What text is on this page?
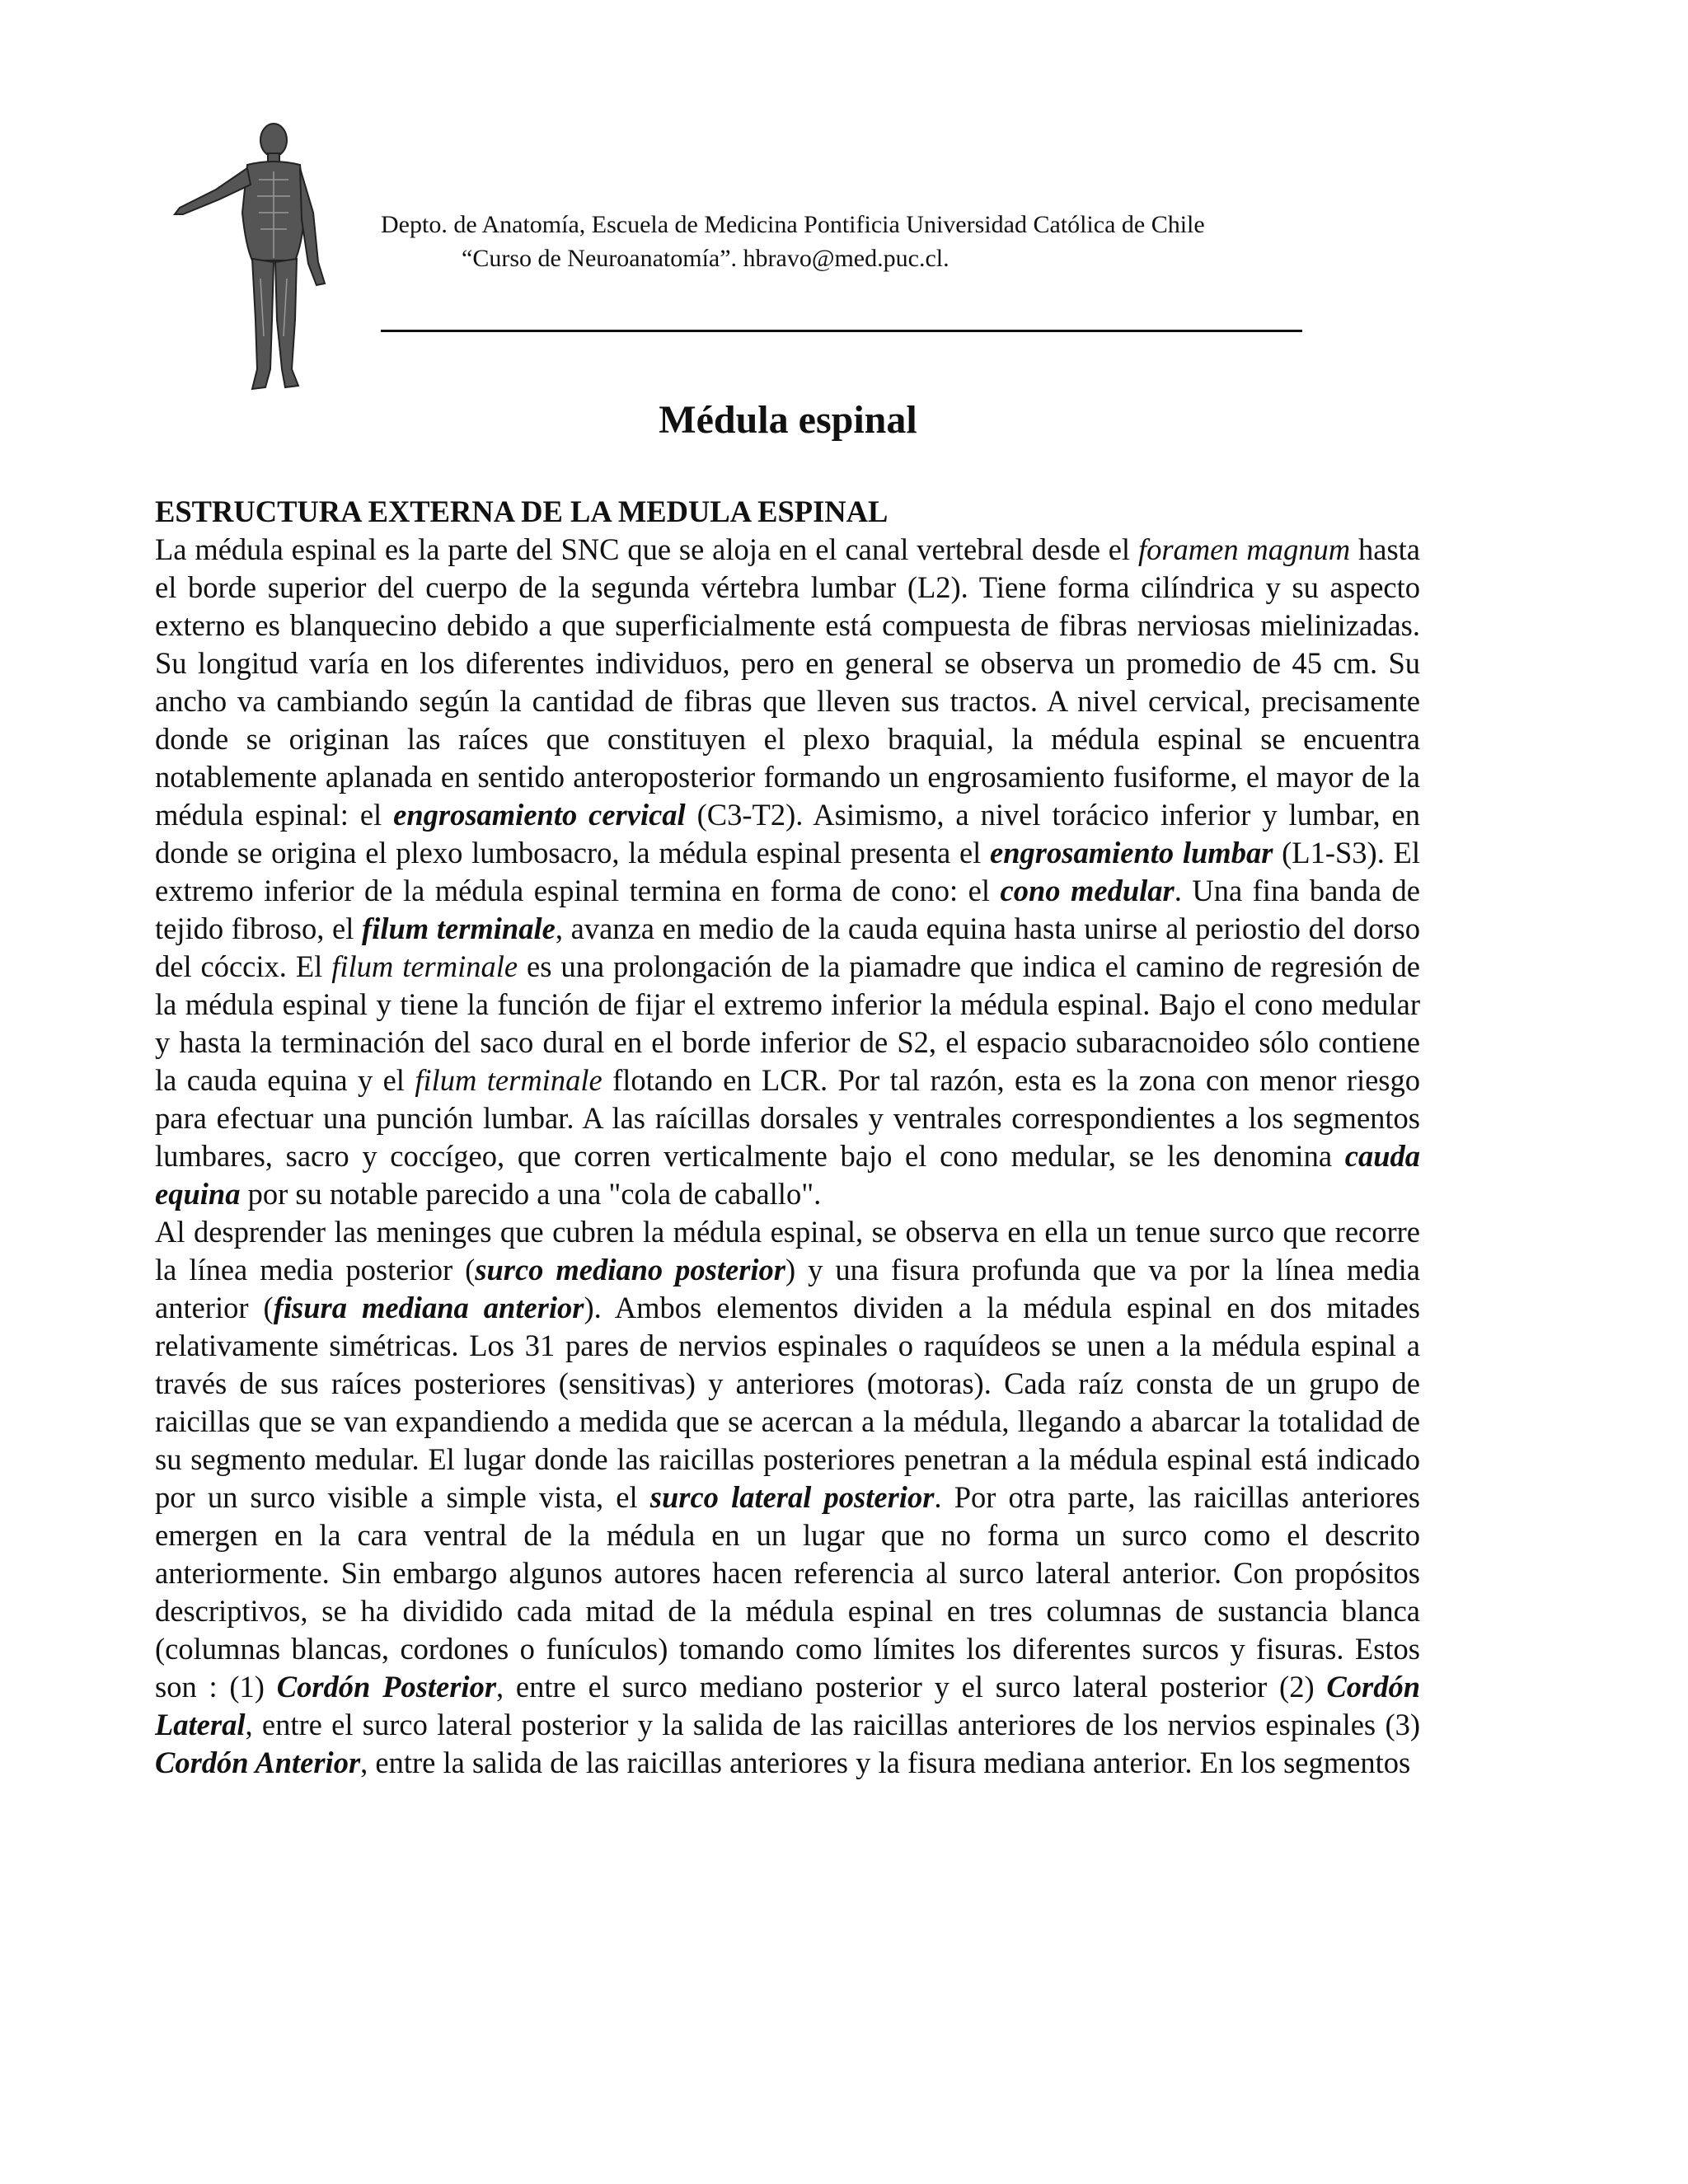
Depto. de Anatomía, Escuela de Medicina Pontificia Universidad Católica de Chile
“Curso de Neuroanatomía”. hbravo@med.puc.cl.
Médula espinal
ESTRUCTURA EXTERNA DE LA MEDULA ESPINAL
La médula espinal es la parte del SNC que se aloja en el canal vertebral desde el foramen magnum hasta el borde superior del cuerpo de la segunda vértebra lumbar (L2). Tiene forma cilíndrica y su aspecto externo es blanquecino debido a que superficialmente está compuesta de fibras nerviosas mielinizadas. Su longitud varía en los diferentes individuos, pero en general se observa un promedio de 45 cm. Su ancho va cambiando según la cantidad de fibras que lleven sus tractos. A nivel cervical, precisamente donde se originan las raíces que constituyen el plexo braquial, la médula espinal se encuentra notablemente aplanada en sentido anteroposterior formando un engrosamiento fusiforme, el mayor de la médula espinal: el engrosamiento cervical (C3-T2). Asimismo, a nivel torácico inferior y lumbar, en donde se origina el plexo lumbosacro, la médula espinal presenta el engrosamiento lumbar (L1-S3). El extremo inferior de la médula espinal termina en forma de cono: el cono medular. Una fina banda de tejido fibroso, el filum terminale, avanza en medio de la cauda equina hasta unirse al periostio del dorso del cóccix. El filum terminale es una prolongación de la piamadre que indica el camino de regresión de la médula espinal y tiene la función de fijar el extremo inferior la médula espinal. Bajo el cono medular y hasta la terminación del saco dural en el borde inferior de S2, el espacio subaracnoideo sólo contiene la cauda equina y el filum terminale flotando en LCR. Por tal razón, esta es la zona con menor riesgo para efectuar una punción lumbar. A las raícillas dorsales y ventrales correspondientes a los segmentos lumbares, sacro y coccígeo, que corren verticalmente bajo el cono medular, se les denomina cauda equina por su notable parecido a una "cola de caballo".
Al desprender las meninges que cubren la médula espinal, se observa en ella un tenue surco que recorre la línea media posterior (surco mediano posterior) y una fisura profunda que va por la línea media anterior (fisura mediana anterior). Ambos elementos dividen a la médula espinal en dos mitades relativamente simétricas. Los 31 pares de nervios espinales o raquídeos se unen a la médula espinal a través de sus raíces posteriores (sensitivas) y anteriores (motoras). Cada raíz consta de un grupo de raicillas que se van expandiendo a medida que se acercan a la médula, llegando a abarcar la totalidad de su segmento medular. El lugar donde las raicillas posteriores penetran a la médula espinal está indicado por un surco visible a simple vista, el surco lateral posterior. Por otra parte, las raicillas anteriores emergen en la cara ventral de la médula en un lugar que no forma un surco como el descrito anteriormente. Sin embargo algunos autores hacen referencia al surco lateral anterior. Con propósitos descriptivos, se ha dividido cada mitad de la médula espinal en tres columnas de sustancia blanca (columnas blancas, cordones o funículos) tomando como límites los diferentes surcos y fisuras. Estos son : (1) Cordón Posterior, entre el surco mediano posterior y el surco lateral posterior (2) Cordón Lateral, entre el surco lateral posterior y la salida de las raicillas anteriores de los nervios espinales (3) Cordón Anterior, entre la salida de las raicillas anteriores y la fisura mediana anterior. En los segmentos
